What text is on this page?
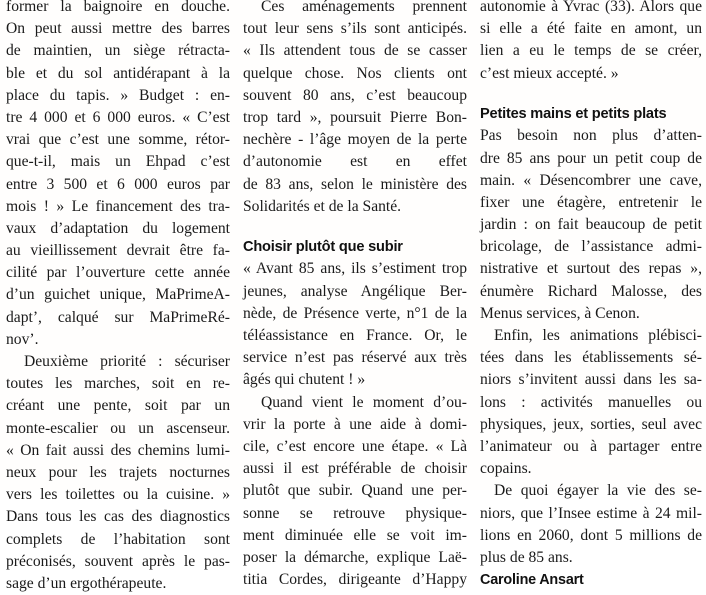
former la baignoire en douche.
On peut aussi mettre des barres
de maintien, un siège rétracta-
ble et du sol antidérapant à la
place du tapis. » Budget : en-
tre 4 000 et 6 000 euros. « C’est
vrai que c’est une somme, rétor-
que-t-il, mais un Ehpad c’est
entre 3 500 et 6 000 euros par
mois ! » Le financement des tra-
vaux d’adaptation du logement
au vieillissement devrait être fa-
cilité par l’ouverture cette année
d’un guichet unique, MaPrimeA-
dapt’, calqué sur MaPrimeRé-
nov’.
Deuxième priorité : sécuriser
toutes les marches, soit en re-
créant une pente, soit par un
monte-escalier ou un ascenseur.
« On fait aussi des chemins lumi-
neux pour les trajets nocturnes
vers les toilettes ou la cuisine. »
Dans tous les cas des diagnostics
complets de l’habitation sont
préconisés, souvent après le pas-
sage d’un ergothérapeute.
Ces aménagements prennent
tout leur sens s’ils sont anticipés.
« Ils attendent tous de se casser
quelque chose. Nos clients ont
souvent 80 ans, c’est beaucoup
trop tard », poursuit Pierre Bon-
nechère - l’âge moyen de la perte
d’autonomie est en effet
de 83 ans, selon le ministère des
Solidarités et de la Santé.
Choisir plutôt que subir
« Avant 85 ans, ils s’estiment trop
jeunes, analyse Angélique Ber-
nède, de Présence verte, n°1 de la
téléassistance en France. Or, le
service n’est pas réservé aux très
âgés qui chutent ! »
Quand vient le moment d’ou-
vrir la porte à une aide à domi-
cile, c’est encore une étape. « Là
aussi il est préférable de choisir
plutôt que subir. Quand une per-
sonne se retrouve physique-
ment diminuée elle se voit im-
poser la démarche, explique Laë-
titia Cordes, dirigeante d’Happy
autonomie à Yvrac (33). Alors que
si elle a été faite en amont, un
lien a eu le temps de se créer,
c’est mieux accepté. »
Petites mains et petits plats
Pas besoin non plus d’atten-
dre 85 ans pour un petit coup de
main. « Désencombrer une cave,
fixer une étagère, entretenir le
jardin : on fait beaucoup de petit
bricolage, de l’assistance admi-
nistrative et surtout des repas »,
énumère Richard Malosse, des
Menus services, à Cenon.
Enfin, les animations plébisci-
tées dans les établissements sé-
niors s’invitent aussi dans les sa-
lons : activités manuelles ou
physiques, jeux, sorties, seul avec
l’animateur ou à partager entre
copains.
De quoi égayer la vie des se-
niors, que l’Insee estime à 24 mil-
lions en 2060, dont 5 millions de
plus de 85 ans.
Caroline Ansart
